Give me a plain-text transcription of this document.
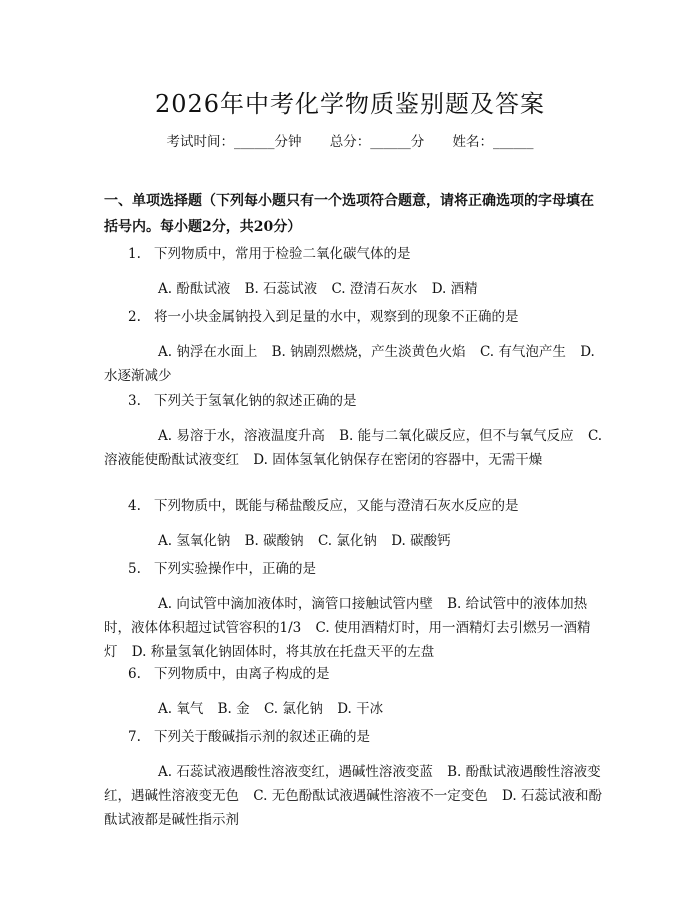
2026年中考化学物质鉴别题及答案
考试时间：______分钟 总分：______分 姓名：______

一、单项选择题（下列每小题只有一个选项符合题意，请将正确选项的字母填在括号内。每小题2分，共20分）

1. 下列物质中，常用于检验二氧化碳气体的是
A. 酚酞试液 B. 石蕊试液 C. 澄清石灰水 D. 酒精
2. 将一小块金属钠投入到足量的水中，观察到的现象不正确的是
A. 钠浮在水面上 B. 钠剧烈燃烧，产生淡黄色火焰 C. 有气泡产生 D. 水逐渐减少
3. 下列关于氢氧化钠的叙述正确的是
A. 易溶于水，溶液温度升高 B. 能与二氧化碳反应，但不与氧气反应 C. 溶液能使酚酞试液变红 D. 固体氢氧化钠保存在密闭的容器中，无需干燥
4. 下列物质中，既能与稀盐酸反应，又能与澄清石灰水反应的是
A. 氢氧化钠 B. 碳酸钠 C. 氯化钠 D. 碳酸钙
5. 下列实验操作中，正确的是
A. 向试管中滴加液体时，滴管口接触试管内壁 B. 给试管中的液体加热时，液体体积超过试管容积的1/3 C. 使用酒精灯时，用一酒精灯去引燃另一酒精灯 D. 称量氢氧化钠固体时，将其放在托盘天平的左盘
6. 下列物质中，由离子构成的是
A. 氧气 B. 金 C. 氯化钠 D. 干冰
7. 下列关于酸碱指示剂的叙述正确的是
A. 石蕊试液遇酸性溶液变红，遇碱性溶液变蓝 B. 酚酞试液遇酸性溶液变红，遇碱性溶液变无色 C. 无色酚酞试液遇碱性溶液不一定变色 D. 石蕊试液和酚酞试液都是碱性指示剂
